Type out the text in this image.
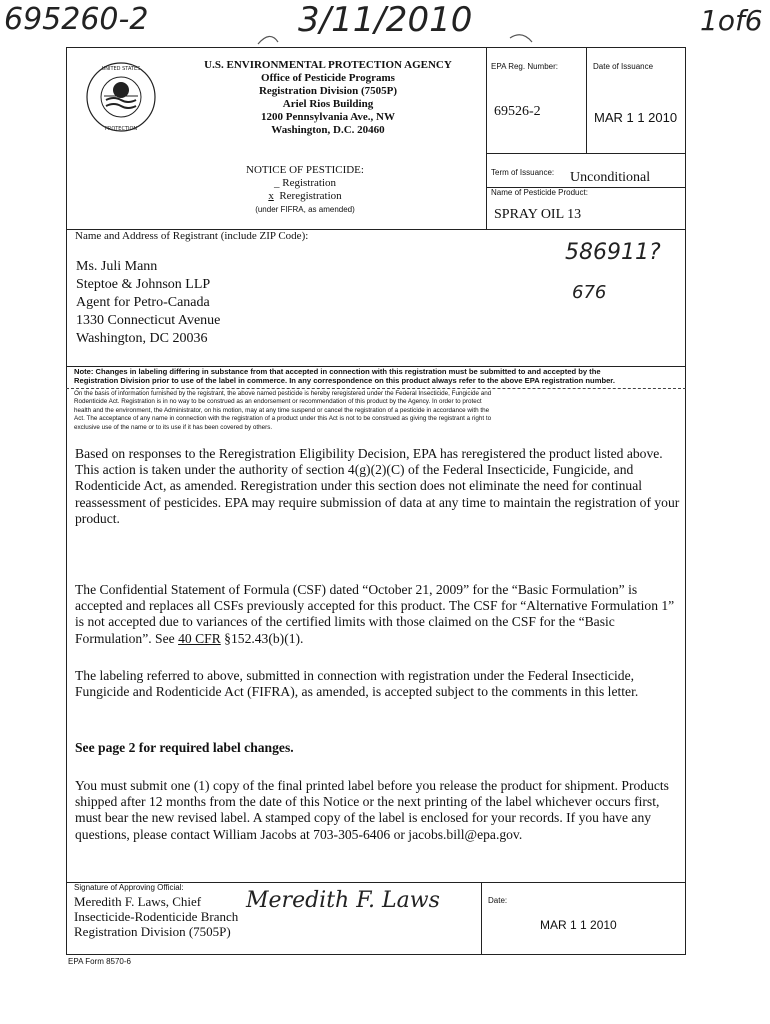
695260-2	3/11/2010	1of6
UNITED STATES
PROTECTION
U.S. ENVIRONMENTAL PROTECTION AGENCY
Office of Pesticide Programs
Registration Division (7505P)
Ariel Rios Building
1200 Pennsylvania Ave., NW
Washington, D.C. 20460
EPA Reg. Number:
69526-2
Date of Issuance
MAR 1 1 2010
Term of Issuance: Unconditional
Name of Pesticide Product:
SPRAY OIL 13
NOTICE OF PESTICIDE:
_ Registration
x Reregistration
(under FIFRA, as amended)
Name and Address of Registrant (include ZIP Code):
Ms. Juli Mann
Steptoe & Johnson LLP
Agent for Petro-Canada
1330 Connecticut Avenue
Washington, DC 20036
586911?
676
Note: Changes in labeling differing in substance from that accepted in connection with this registration must be submitted to and accepted by the
Registration Division prior to use of the label in commerce. In any correspondence on this product always refer to the above EPA registration number.
On the basis of information furnished by the registrant, the above named pesticide is hereby reregistered under the Federal Insecticide, Fungicide and
Rodenticide Act. Registration is in no way to be construed as an endorsement or recommendation of this product by the Agency. In order to protect
health and the environment, the Administrator, on his motion, may at any time suspend or cancel the registration of a pesticide in accordance with the
Act. The acceptance of any name in connection with the registration of a product under this Act is not to be construed as giving the registrant a right to
exclusive use of the name or to its use if it has been covered by others.
Based on responses to the Reregistration Eligibility Decision, EPA has reregistered the product listed above. This action is taken under the authority of section 4(g)(2)(C) of the Federal Insecticide, Fungicide, and Rodenticide Act, as amended. Reregistration under this section does not eliminate the need for continual reassessment of pesticides. EPA may require submission of data at any time to maintain the registration of your product.
The Confidential Statement of Formula (CSF) dated “October 21, 2009” for the “Basic Formulation” is accepted and replaces all CSFs previously accepted for this product. The CSF for “Alternative Formulation 1” is not accepted due to variances of the certified limits with those claimed on the CSF for the “Basic Formulation”. See 40 CFR §152.43(b)(1).
The labeling referred to above, submitted in connection with registration under the Federal Insecticide, Fungicide and Rodenticide Act (FIFRA), as amended, is accepted subject to the comments in this letter.
See page 2 for required label changes.
You must submit one (1) copy of the final printed label before you release the product for shipment. Products shipped after 12 months from the date of this Notice or the next printing of the label whichever occurs first, must bear the new revised label. A stamped copy of the label is enclosed for your records. If you have any questions, please contact William Jacobs at 703-305-6406 or jacobs.bill@epa.gov.
Signature of Approving Official:
Meredith F. Laws, Chief
Insecticide-Rodenticide Branch
Registration Division (7505P)
Meredith F. Laws	Date:
MAR 1 1 2010
EPA Form 8570-6
